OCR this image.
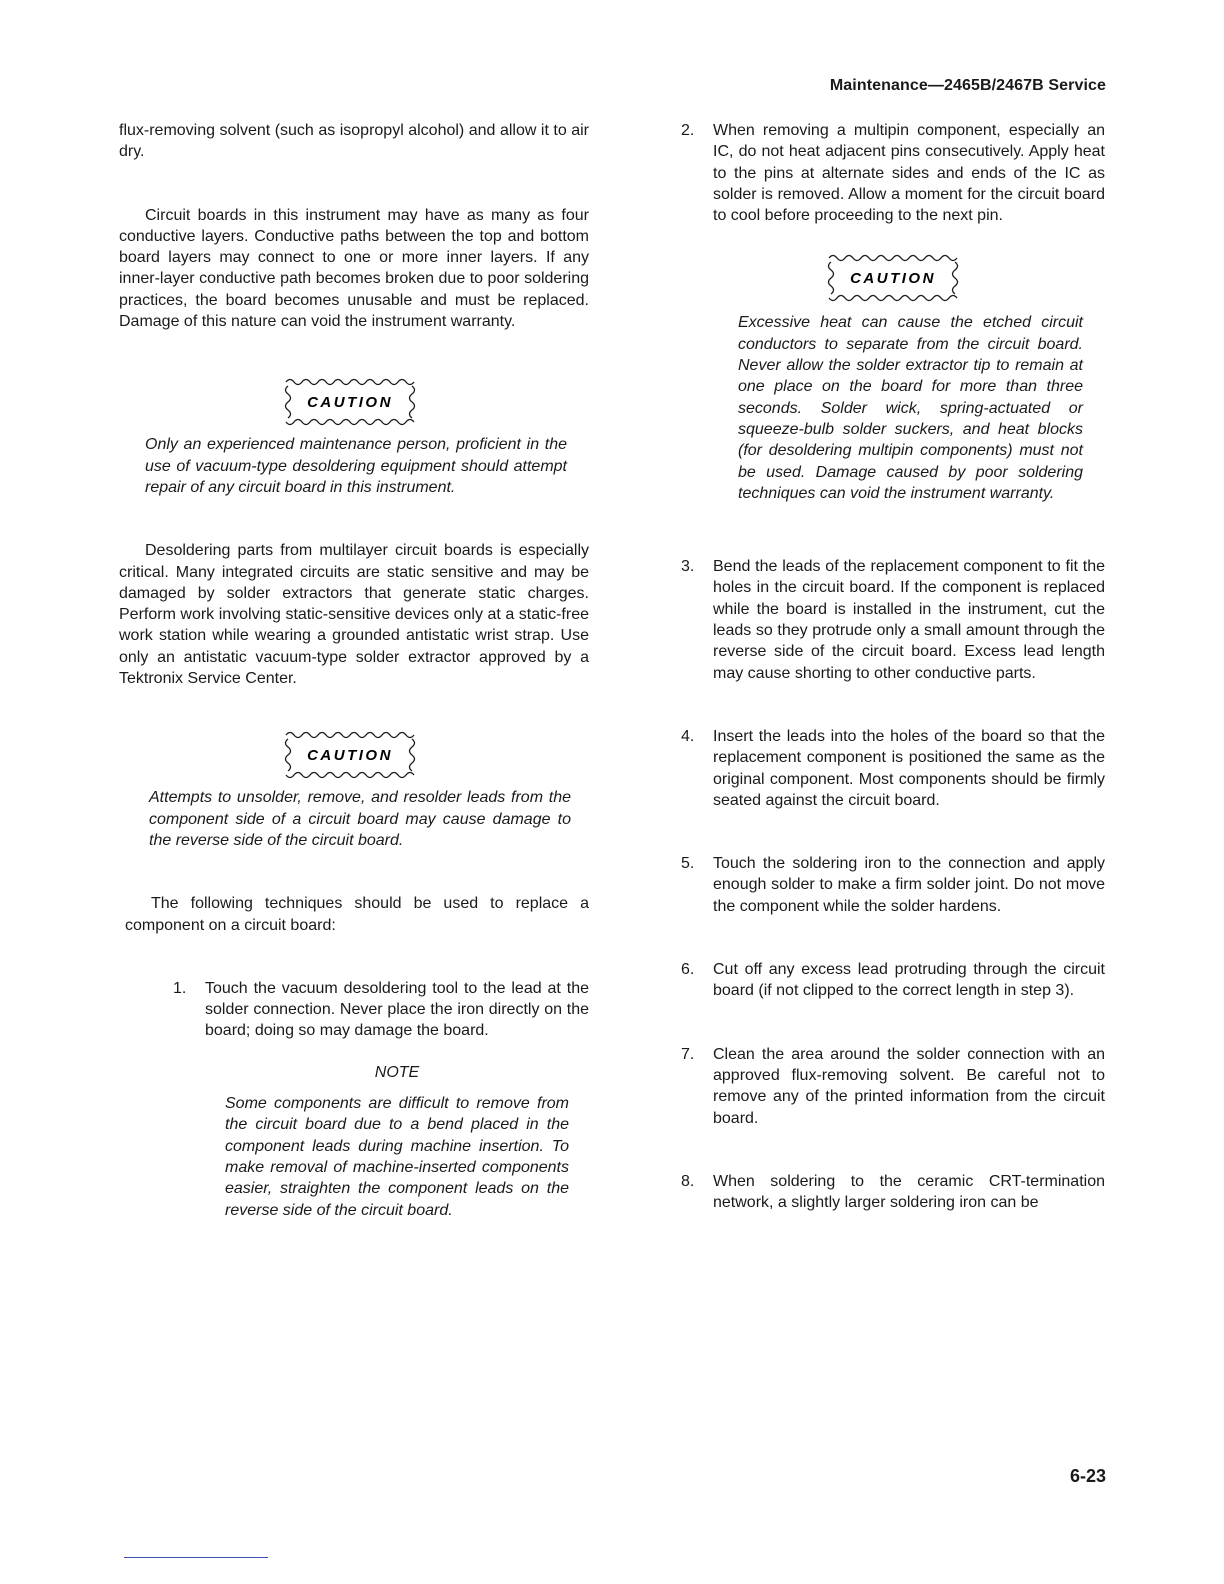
Maintenance—2465B/2467B Service

flux-removing solvent (such as isopropyl alcohol) and allow it to air dry.

Circuit boards in this instrument may have as many as four conductive layers. Conductive paths between the top and bottom board layers may connect to one or more inner layers. If any inner-layer conductive path becomes broken due to poor soldering practices, the board becomes unusable and must be replaced. Damage of this nature can void the instrument warranty.

CAUTION

Only an experienced maintenance person, proficient in the use of vacuum-type desoldering equipment should attempt repair of any circuit board in this instrument.

Desoldering parts from multilayer circuit boards is especially critical. Many integrated circuits are static sensitive and may be damaged by solder extractors that generate static charges. Perform work involving static-sensitive devices only at a static-free work station while wearing a grounded antistatic wrist strap. Use only an antistatic vacuum-type solder extractor approved by a Tektronix Service Center.

CAUTION

Attempts to unsolder, remove, and resolder leads from the component side of a circuit board may cause damage to the reverse side of the circuit board.

The following techniques should be used to replace a component on a circuit board:

1.	Touch the vacuum desoldering tool to the lead at the solder connection. Never place the iron directly on the board; doing so may damage the board.

NOTE

Some components are difficult to remove from the circuit board due to a bend placed in the component leads during machine insertion. To make removal of machine-inserted components easier, straighten the component leads on the reverse side of the circuit board.

2.	When removing a multipin component, especially an IC, do not heat adjacent pins consecutively. Apply heat to the pins at alternate sides and ends of the IC as solder is removed. Allow a moment for the circuit board to cool before proceeding to the next pin.
CAUTION

Excessive heat can cause the etched circuit conductors to separate from the circuit board. Never allow the solder extractor tip to remain at one place on the board for more than three seconds. Solder wick, spring-actuated or squeeze-bulb solder suckers, and heat blocks (for desoldering multipin components) must not be used. Damage caused by poor soldering techniques can void the instrument warranty.

3.	Bend the leads of the replacement component to fit the holes in the circuit board. If the component is replaced while the board is installed in the instrument, cut the leads so they protrude only a small amount through the reverse side of the circuit board. Excess lead length may cause shorting to other conductive parts.
4.	Insert the leads into the holes of the board so that the replacement component is positioned the same as the original component. Most components should be firmly seated against the circuit board.
5.	Touch the soldering iron to the connection and apply enough solder to make a firm solder joint. Do not move the component while the solder hardens.
6.	Cut off any excess lead protruding through the circuit board (if not clipped to the correct length in step 3).
7.	Clean the area around the solder connection with an approved flux-removing solvent. Be careful not to remove any of the printed information from the circuit board.
8.	When soldering to the ceramic CRT-termination network, a slightly larger soldering iron can be
6-23
